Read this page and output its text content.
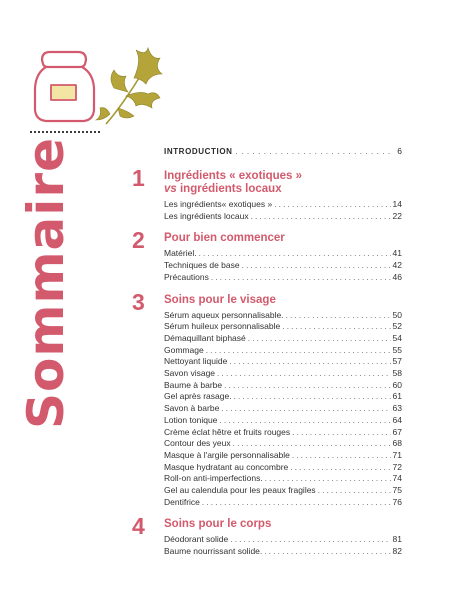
Sommaire	INTRODUCTION . . .	6
1 Ingrédients « exotiques »
vs ingrédients locaux
Les ingrédients« exotiques » . . .	14
Les ingrédients locaux . . .	22
2 Pour bien commencer
Matériel. . . .	41
Techniques de base . . .	42
Précautions . . .	46
3 Soins pour le visage
Sérum aqueux personnalisable. . . .	50
Sérum huileux personnalisable . . .	52
Démaquillant biphasé . . .	54
Gommage . . .	55
Nettoyant liquide . . .	57
Savon visage . . .	58
Baume à barbe . . .	60
Gel après rasage. . . .	61
Savon à barbe . . .	63
Lotion tonique . . .	64
Crème éclat hêtre et fruits rouges . . .	67
Contour des yeux . . .	68
Masque à l'argile personnalisable . . .	71
Masque hydratant au concombre . . .	72
Roll-on anti-imperfections. . . .	74
Gel au calendula pour les peaux fragiles . . .	75
Dentifrice . . .	76
4 Soins pour le corps
Déodorant solide . . .	81
Baume nourrissant solide. . . .	82
